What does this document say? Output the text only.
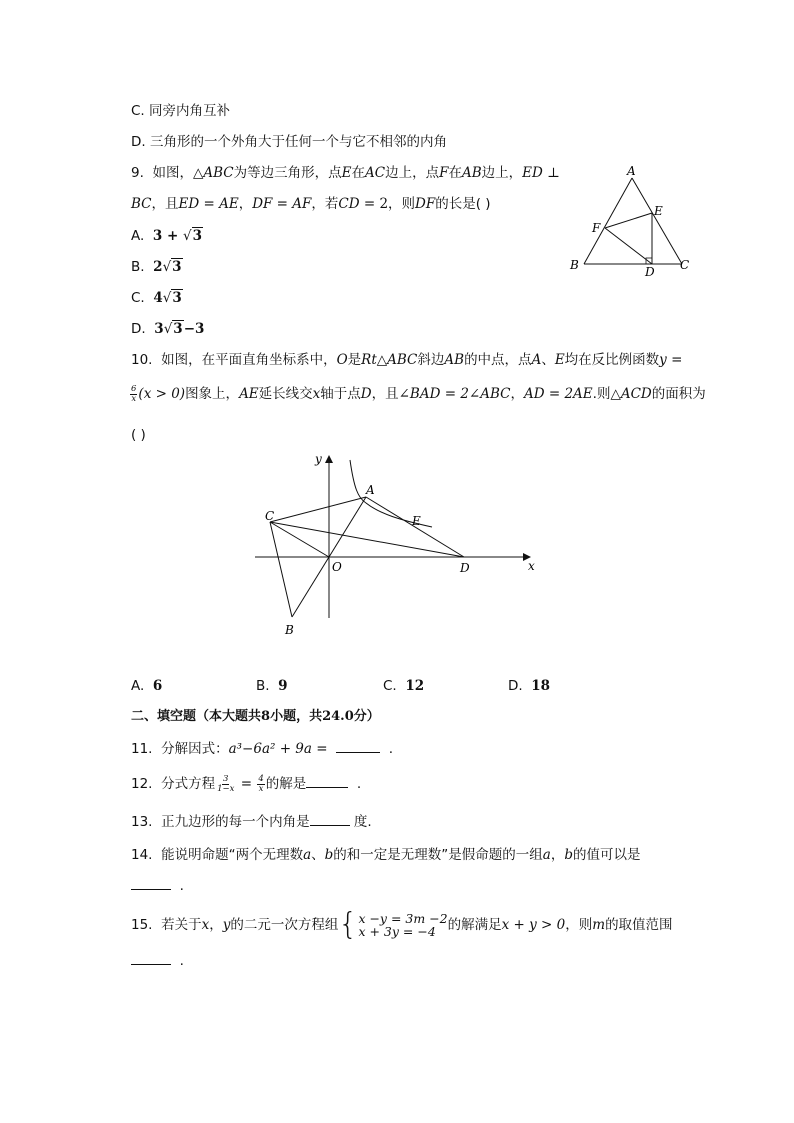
C. 同旁内角互补
D. 三角形的一个外角大于任何一个与它不相邻的内角
9. 如图，△ABC为等边三角形，点E在AC边上，点F在AB边上，ED ⊥
BC，且ED = AE，DF = AF，若CD = 2，则DF的长是( )
A. 3 + √3
B. 2√3
C. 4√3
D. 3√3−3
A
B	C
D
E
F
10. 如图，在平面直角坐标系中，O是Rt△ABC斜边AB的中点，点A、E均在反比例函数y =
$\frac{6}{x} (x > 0)$图象上，AE延长线交x轴于点D，且∠BAD = 2∠ABC，AD = 2AE.则△ACD的面积为
( )
y
x
A
C	E
O	D
B
A. 6	B. 9	C. 12	D. 18
二、填空题（本大题共8小题，共24.0分）
11. 分解因式：a³−6a² + 9a =	.
12. 分式方程 $\frac{3}{1-x} = \frac{4}{x}$ 的解是	.
13. 正九边形的每一个内角是	度.
14. 能说明命题“两个无理数a、b的和一定是无理数”是假命题的一组a，b的值可以是
.
15. 若关于x，y的二元一次方程组 { x −y = 3m −2
x + 3y = −4 的解满足x + y > 0，则m的取值范围
.
